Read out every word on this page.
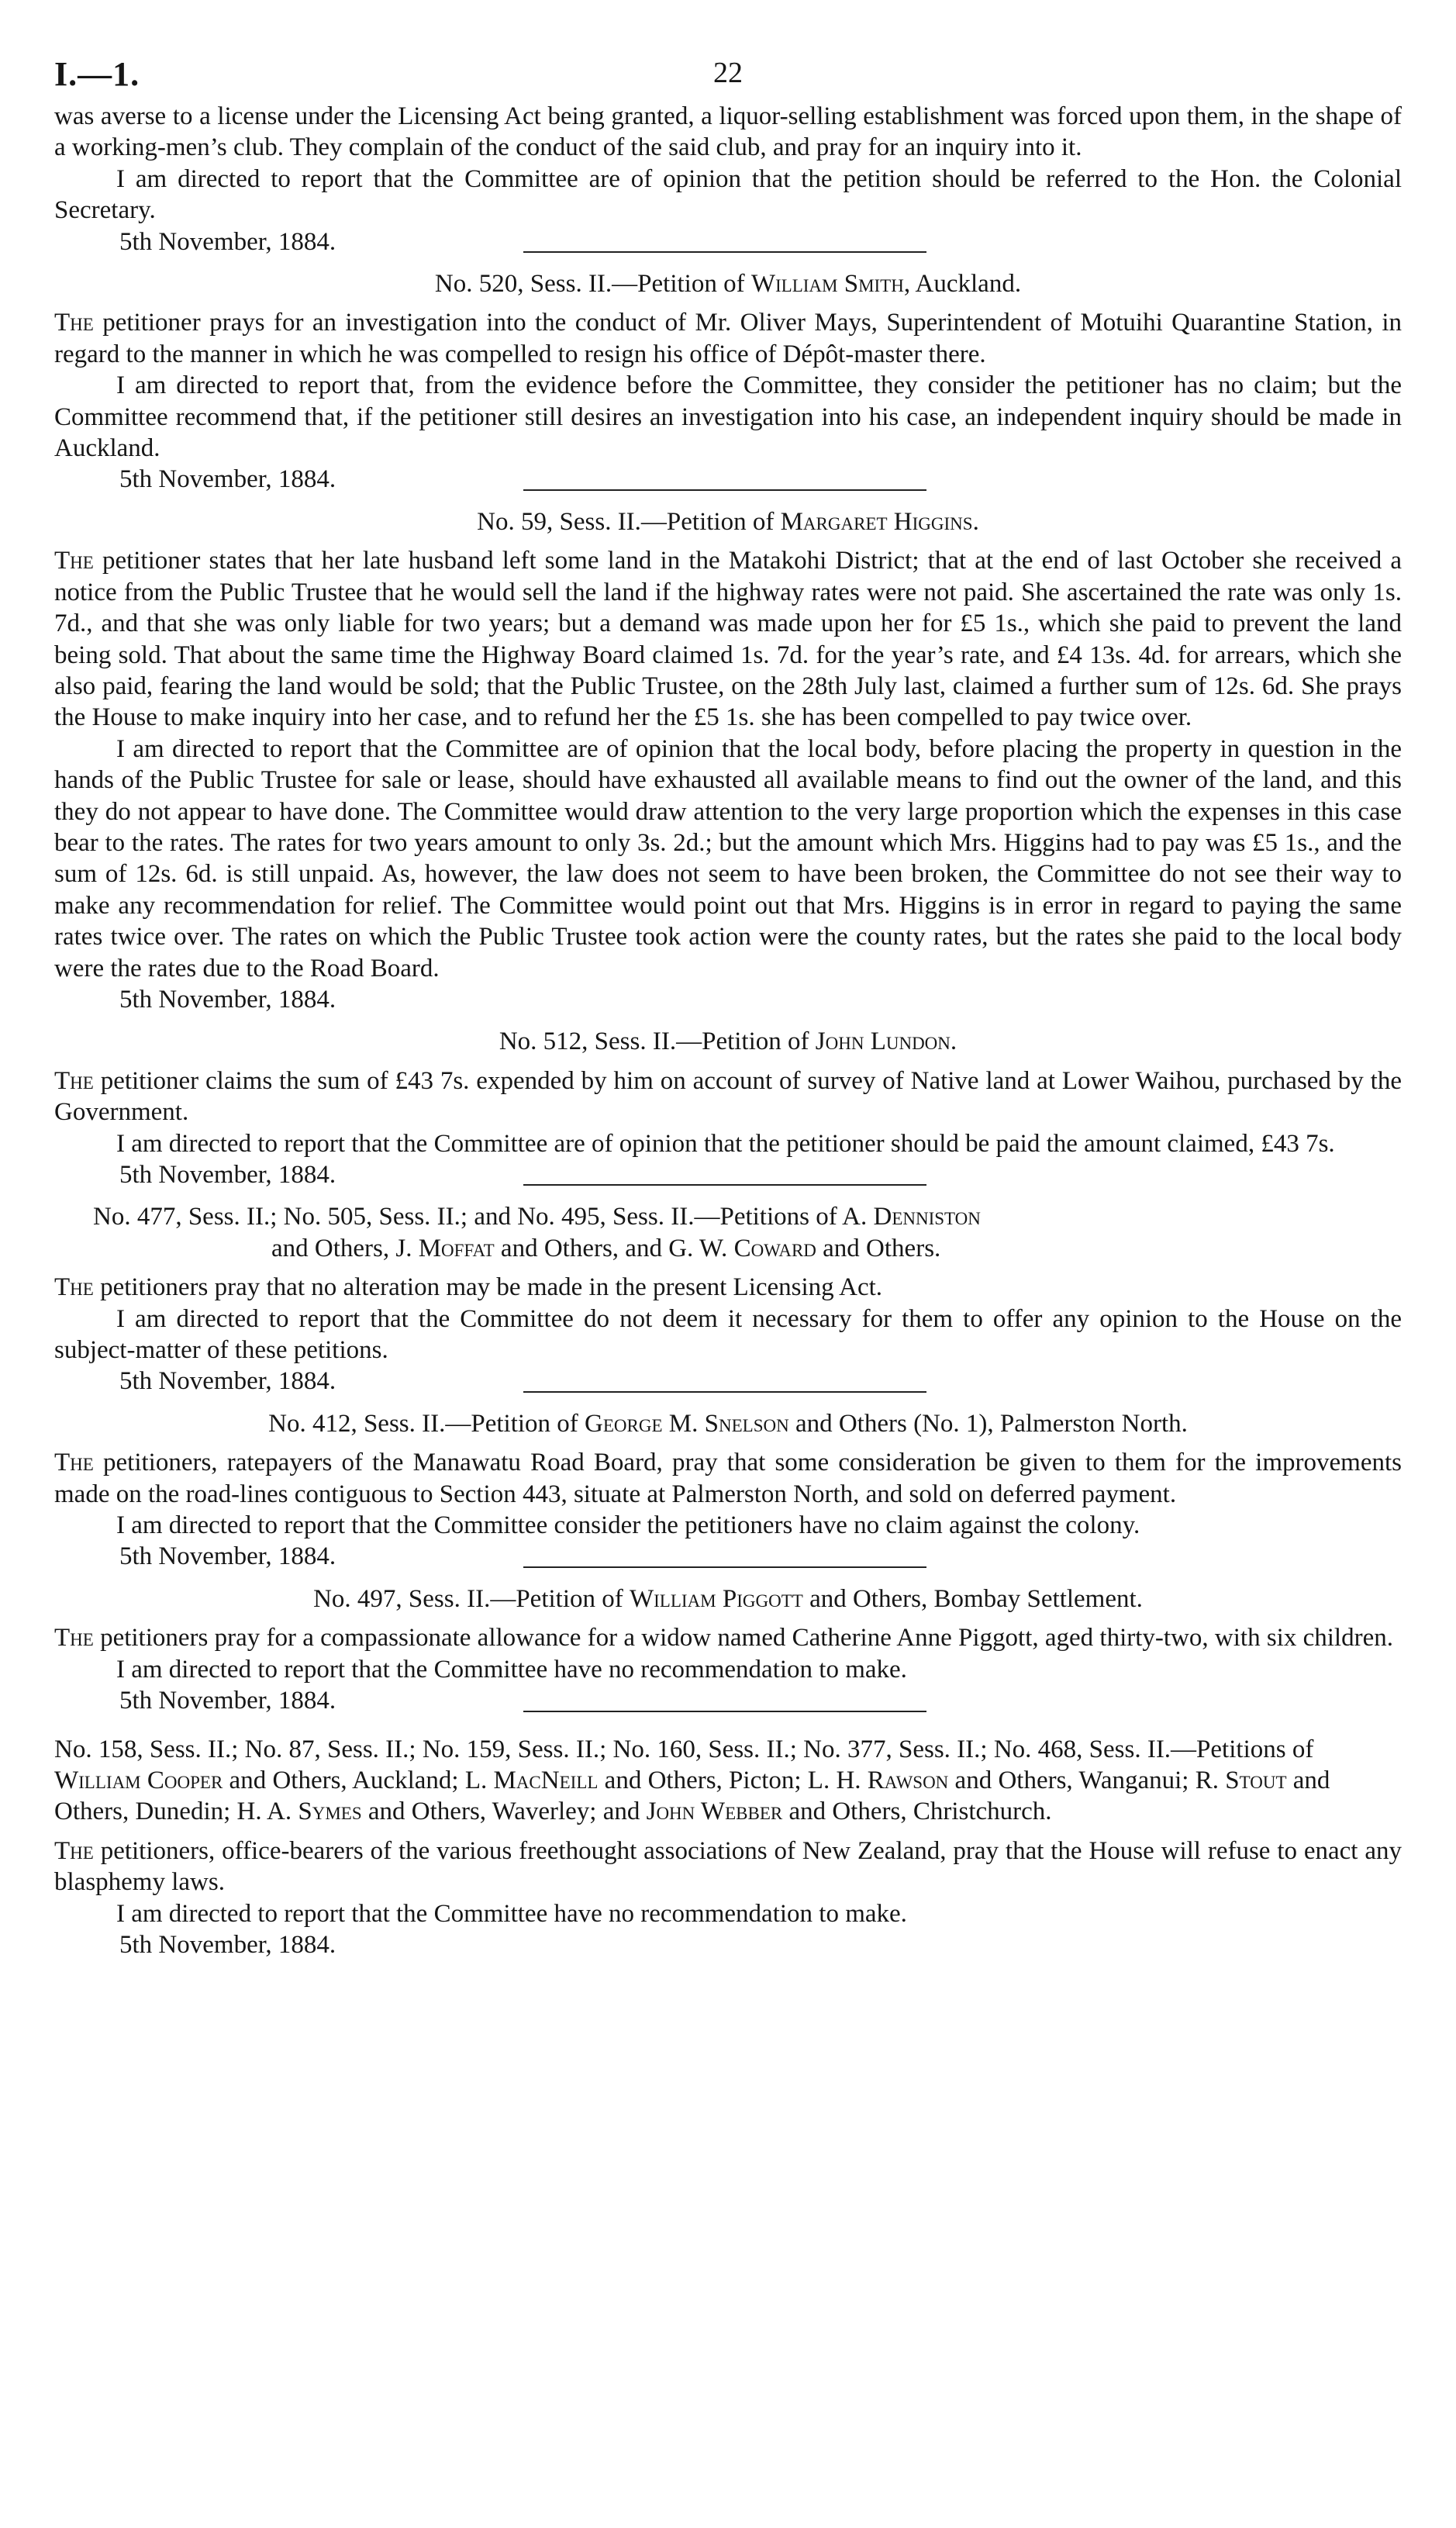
I.—1.	22

was averse to a license under the Licensing Act being granted, a liquor-selling establishment was forced upon them, in the shape of a working-men’s club. They complain of the conduct of the said club, and pray for an inquiry into it.

I am directed to report that the Committee are of opinion that the petition should be referred to the Hon. the Colonial Secretary.

5th November, 1884.

No. 520, Sess. II.—Petition of William Smith, Auckland.

The petitioner prays for an investigation into the conduct of Mr. Oliver Mays, Superintendent of Motuihi Quarantine Station, in regard to the manner in which he was compelled to resign his office of Dépôt-master there.

I am directed to report that, from the evidence before the Committee, they consider the petitioner has no claim; but the Committee recommend that, if the petitioner still desires an investigation into his case, an independent inquiry should be made in Auckland.

5th November, 1884.

No. 59, Sess. II.—Petition of Margaret Higgins.

The petitioner states that her late husband left some land in the Matakohi District; that at the end of last October she received a notice from the Public Trustee that he would sell the land if the highway rates were not paid. She ascertained the rate was only 1s. 7d., and that she was only liable for two years; but a demand was made upon her for £5 1s., which she paid to prevent the land being sold. That about the same time the Highway Board claimed 1s. 7d. for the year’s rate, and £4 13s. 4d. for arrears, which she also paid, fearing the land would be sold; that the Public Trustee, on the 28th July last, claimed a further sum of 12s. 6d. She prays the House to make inquiry into her case, and to refund her the £5 1s. she has been compelled to pay twice over.

I am directed to report that the Committee are of opinion that the local body, before placing the property in question in the hands of the Public Trustee for sale or lease, should have exhausted all available means to find out the owner of the land, and this they do not appear to have done. The Committee would draw attention to the very large proportion which the expenses in this case bear to the rates. The rates for two years amount to only 3s. 2d.; but the amount which Mrs. Higgins had to pay was £5 1s., and the sum of 12s. 6d. is still unpaid. As, however, the law does not seem to have been broken, the Committee do not see their way to make any recommendation for relief. The Committee would point out that Mrs. Higgins is in error in regard to paying the same rates twice over. The rates on which the Public Trustee took action were the county rates, but the rates she paid to the local body were the rates due to the Road Board.

5th November, 1884.

No. 512, Sess. II.—Petition of John Lundon.

The petitioner claims the sum of £43 7s. expended by him on account of survey of Native land at Lower Waihou, purchased by the Government.

I am directed to report that the Committee are of opinion that the petitioner should be paid the amount claimed, £43 7s.

5th November, 1884.

No. 477, Sess. II.; No. 505, Sess. II.; and No. 495, Sess. II.—Petitions of A. Denniston
and Others, J. Moffat and Others, and G. W. Coward and Others.

The petitioners pray that no alteration may be made in the present Licensing Act.

I am directed to report that the Committee do not deem it necessary for them to offer any opinion to the House on the subject-matter of these petitions.

5th November, 1884.

No. 412, Sess. II.—Petition of George M. Snelson and Others (No. 1), Palmerston North.

The petitioners, ratepayers of the Manawatu Road Board, pray that some consideration be given to them for the improvements made on the road-lines contiguous to Section 443, situate at Palmerston North, and sold on deferred payment.

I am directed to report that the Committee consider the petitioners have no claim against the colony.

5th November, 1884.

No. 497, Sess. II.—Petition of William Piggott and Others, Bombay Settlement.

The petitioners pray for a compassionate allowance for a widow named Catherine Anne Piggott, aged thirty-two, with six children.

I am directed to report that the Committee have no recommendation to make.

5th November, 1884.

No. 158, Sess. II.; No. 87, Sess. II.; No. 159, Sess. II.; No. 160, Sess. II.; No. 377, Sess. II.; No. 468, Sess. II.—Petitions of William Cooper and Others, Auckland; L. MacNeill and Others, Picton; L. H. Rawson and Others, Wanganui; R. Stout and Others, Dunedin; H. A. Symes and Others, Waverley; and John Webber and Others, Christchurch.

The petitioners, office-bearers of the various freethought associations of New Zealand, pray that the House will refuse to enact any blasphemy laws.

I am directed to report that the Committee have no recommendation to make.

5th November, 1884.
